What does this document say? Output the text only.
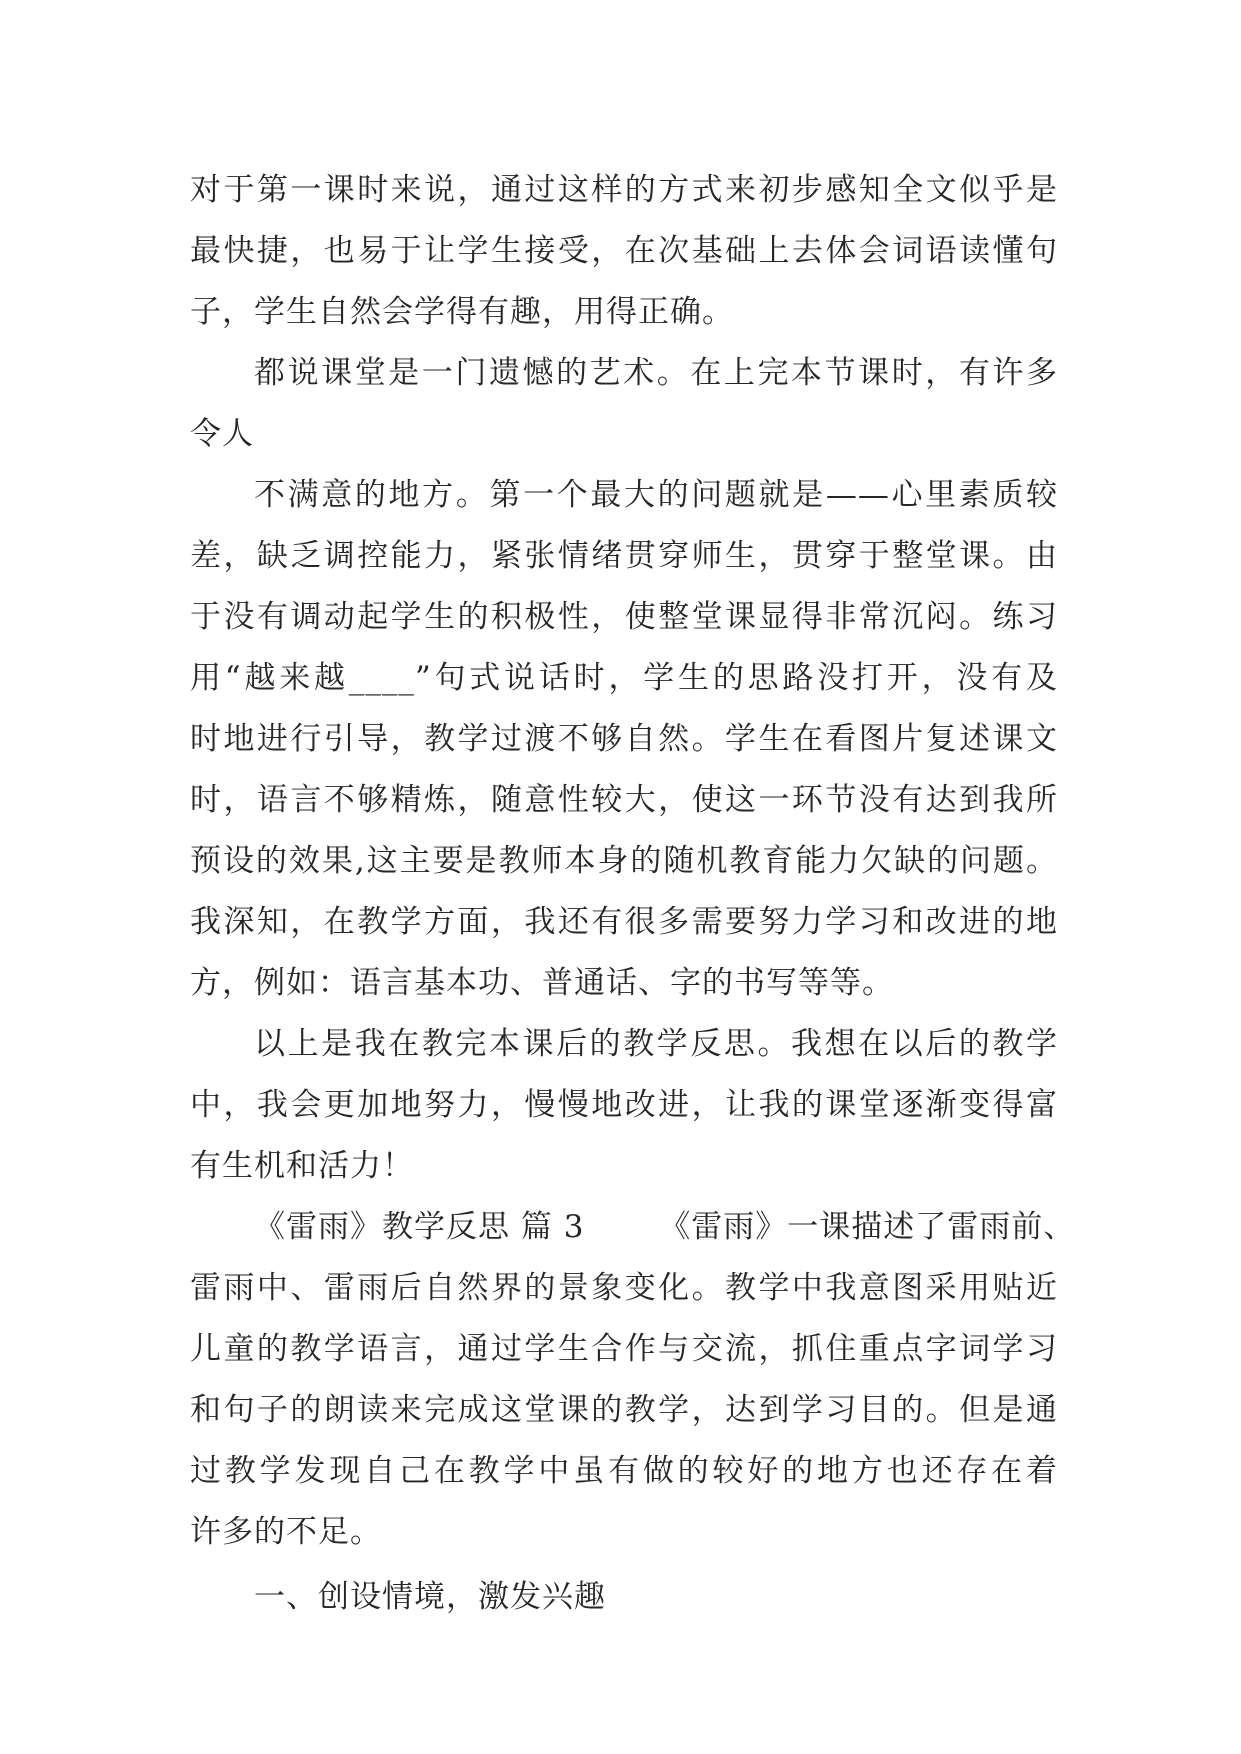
对于第一课时来说，通过这样的方式来初步感知全文似乎是
最快捷，也易于让学生接受，在次基础上去体会词语读懂句
子，学生自然会学得有趣，用得正确。
都说课堂是一门遗憾的艺术。在上完本节课时，有许多
令人
不满意的地方。第一个最大的问题就是——心里素质较
差，缺乏调控能力，紧张情绪贯穿师生，贯穿于整堂课。由
于没有调动起学生的积极性，使整堂课显得非常沉闷。练习
用“越来越____”句式说话时，学生的思路没打开，没有及
时地进行引导，教学过渡不够自然。学生在看图片复述课文
时，语言不够精炼，随意性较大，使这一环节没有达到我所
预设的效果,这主要是教师本身的随机教育能力欠缺的问题。
我深知，在教学方面，我还有很多需要努力学习和改进的地
方，例如：语言基本功、普通话、字的书写等等。
以上是我在教完本课后的教学反思。我想在以后的教学
中，我会更加地努力，慢慢地改进，让我的课堂逐渐变得富
有生机和活力！
《雷雨》教学反思 篇 3　　 《雷雨》一课描述了雷雨前、
雷雨中、雷雨后自然界的景象变化。教学中我意图采用贴近
儿童的教学语言，通过学生合作与交流，抓住重点字词学习
和句子的朗读来完成这堂课的教学，达到学习目的。但是通
过教学发现自己在教学中虽有做的较好的地方也还存在着
许多的不足。
一、创设情境，激发兴趣
